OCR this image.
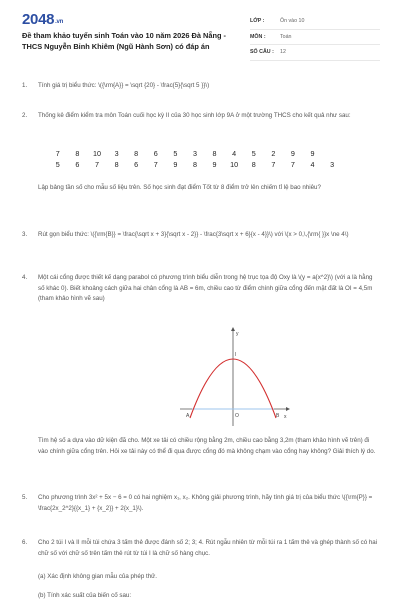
2048.vn
Đề tham khảo tuyển sinh Toán vào 10 năm 2026 Đà Nẵng - THCS Nguyễn Bỉnh Khiêm (Ngũ Hành Sơn) có đáp án
LỚP :	Ôn vào 10
MÔN :	Toán
SỐ CÂU :	12
1.	Tính giá trị biểu thức: \({\rm{A}} = \sqrt {20} - \frac{5}{\sqrt 5 }}\)
2.	Thống kê điểm kiểm tra môn Toán cuối học kỳ II của 30 học sinh lớp 9A ở một trường THCS cho kết quả như sau:
7	8	10	3	8	6	5	3	8	4	5	2	9	9
5	6	7	8	6	7	9	8	9	10	8	7	7	4	3
Lập bảng tần số cho mẫu số liệu trên. Số học sinh đạt điểm Tốt từ 8 điểm trở lên chiếm tỉ lệ bao nhiêu?
3.	Rút gọn biểu thức: \({\rm{B}} = \frac{\sqrt x + 3}{\sqrt x - 2}} - \frac{3\sqrt x + 6}{x - 4}}\) với \(x > 0,\,{\rm{ }}x \ne 4\)
4.	Một cái cổng được thiết kế dạng parabol có phương trình biểu diễn trong hệ trục tọa độ Oxy là \(y = a{x^2}\) (với a là hằng số khác 0). Biết khoảng cách giữa hai chân cổng là AB = 6m, chiều cao từ điểm chính giữa cổng đến mặt đất là OI = 4,5m (tham khảo hình vẽ sau)
Tìm hệ số a dựa vào dữ kiện đã cho. Một xe tải có chiều rộng bằng 2m, chiều cao bằng 3,2m (tham khảo hình vẽ trên) đi vào chính giữa cổng trên. Hỏi xe tải này có thể đi qua được cổng đó mà không chạm vào cổng hay không? Giải thích lý do.
5.	Cho phương trình 3x² + 5x − 6 = 0 có hai nghiệm x₁, x₂. Không giải phương trình, hãy tính giá trị của biểu thức \({\rm{P}} = \frac{2x_2^2}{{x_1} + {x_2}} + 2{x_1}\).
6.	Cho 2 túi I và II mỗi túi chứa 3 tấm thẻ được đánh số 2; 3; 4. Rút ngẫu nhiên từ mỗi túi ra 1 tấm thẻ và ghép thành số có hai chữ số với chữ số trên tấm thẻ rút từ túi I là chữ số hàng chục.
(a) Xác định không gian mẫu của phép thử.
(b) Tính xác suất của biến cố sau:
y
x
O
A	B
I
